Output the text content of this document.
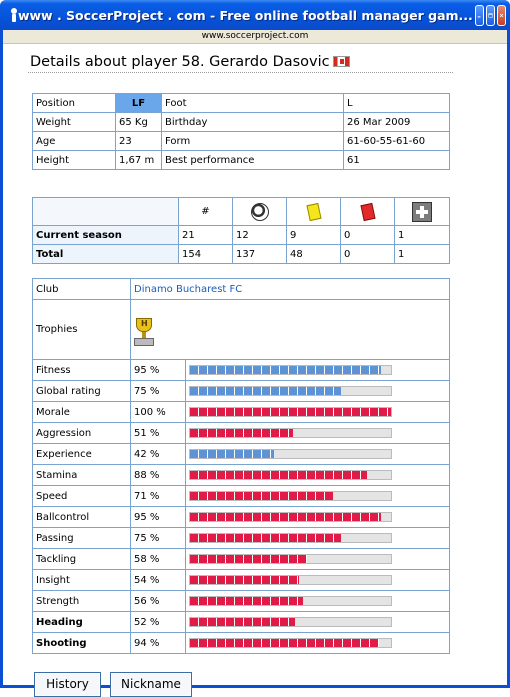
www . SoccerProject . com - Free online football manager gam...
www.soccerproject.com
Details about player 58. Gerardo Dasovic
Position	LF	Foot	L
Weight	65 Kg	Birthday	26 Mar 2009
Age	23	Form	61-60-55-61-60
Height	1,67 m	Best performance	61
	#				
Current season	21	12	9	0	1
Total	154	137	48	0	1
Club	Dinamo Bucharest FC	
Trophies	
H

Fitness	95 %	

Global rating	75 %	

Morale	100 %	

Aggression	51 %	

Experience	42 %	

Stamina	88 %	

Speed	71 %	

Ballcontrol	95 %	

Passing	75 %	

Tackling	58 %	

Insight	54 %	

Strength	56 %	

Heading	52 %	

Shooting	94 %	
History	Nickname
